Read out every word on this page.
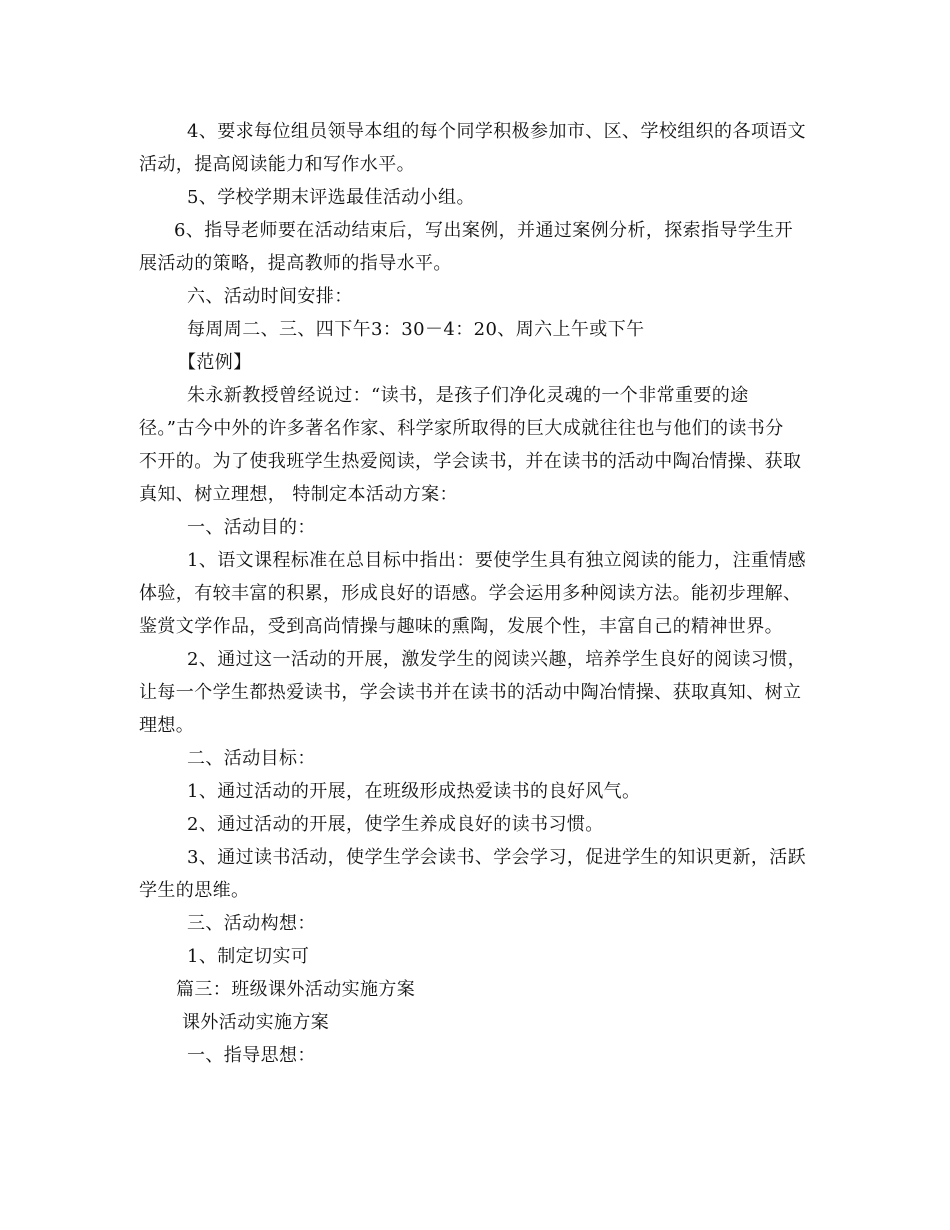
4、要求每位组员领导本组的每个同学积极参加市、区、学校组织的各项语文
活动，提高阅读能力和写作水平。
5、学校学期末评选最佳活动小组。
6、指导老师要在活动结束后，写出案例，并通过案例分析，探索指导学生开
展活动的策略，提高教师的指导水平。
六、活动时间安排：
每周周二、三、四下午3：30－4：20、周六上午或下午
【范例】
朱永新教授曾经说过：“读书，是孩子们净化灵魂的一个非常重要的途
径。”古今中外的许多著名作家、科学家所取得的巨大成就往往也与他们的读书分
不开的。为了使我班学生热爱阅读，学会读书，并在读书的活动中陶冶情操、获取
真知、树立理想， 特制定本活动方案：
一、活动目的：
1、语文课程标准在总目标中指出：要使学生具有独立阅读的能力，注重情感
体验，有较丰富的积累，形成良好的语感。学会运用多种阅读方法。能初步理解、
鉴赏文学作品，受到高尚情操与趣味的熏陶，发展个性，丰富自己的精神世界。
2、通过这一活动的开展，激发学生的阅读兴趣，培养学生良好的阅读习惯，
让每一个学生都热爱读书，学会读书并在读书的活动中陶冶情操、获取真知、树立
理想。
二、活动目标：
1、通过活动的开展，在班级形成热爱读书的良好风气。
2、通过活动的开展，使学生养成良好的读书习惯。
3、通过读书活动，使学生学会读书、学会学习，促进学生的知识更新，活跃
学生的思维。
三、活动构想：
1、制定切实可
篇三：班级课外活动实施方案
课外活动实施方案
一、指导思想：
